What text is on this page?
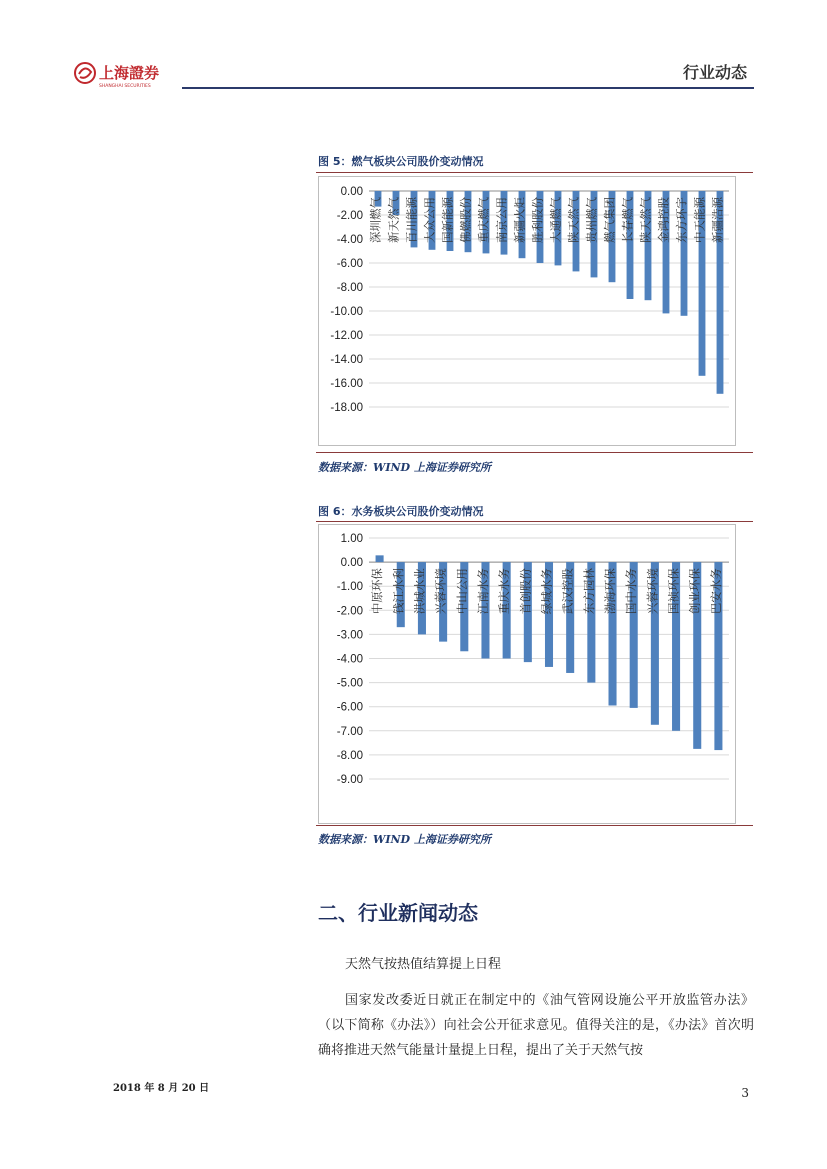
上海證券
SHANGHAI SECURITIES
行业动态
图 5：燃气板块公司股价变动情况
0.00
-2.00
-4.00
-6.00
-8.00
-10.00
-12.00
-14.00
-16.00
-18.00
深圳燃气 新天然气 百川能源 大众公用 国新能源 佛燃股份 重庆燃气 南京公用 新疆火炬 胜利股份 大通燃气 陕天然气 贵州燃气 燃气集团 长春燃气 陕天然气 金鸿控股 东方环宇 中天能源 新疆浩源
数据来源：WIND 上海证券研究所
图 6：水务板块公司股价变动情况
1.00
0.00
-1.00
-2.00
-3.00
-4.00
-5.00
-6.00
-7.00
-8.00
-9.00
中原环保 钱江水利 洪城水业 兴蓉环境 中山公用 江南水务 重庆水务 首创股份 绿城水务 武汉控股 东方园林 渤海环保 国中水务 兴蓉环境 国祯环保 创业环保 巴安水务
数据来源：WIND 上海证券研究所
二、行业新闻动态
天然气按热值结算提上日程
国家发改委近日就正在制定中的《油气管网设施公平开放监管办法》（以下简称《办法》）向社会公开征求意见。值得关注的是，《办法》首次明确将推进天然气能量计量提上日程，提出了关于天然气按
2018 年 8 月 20 日	3
